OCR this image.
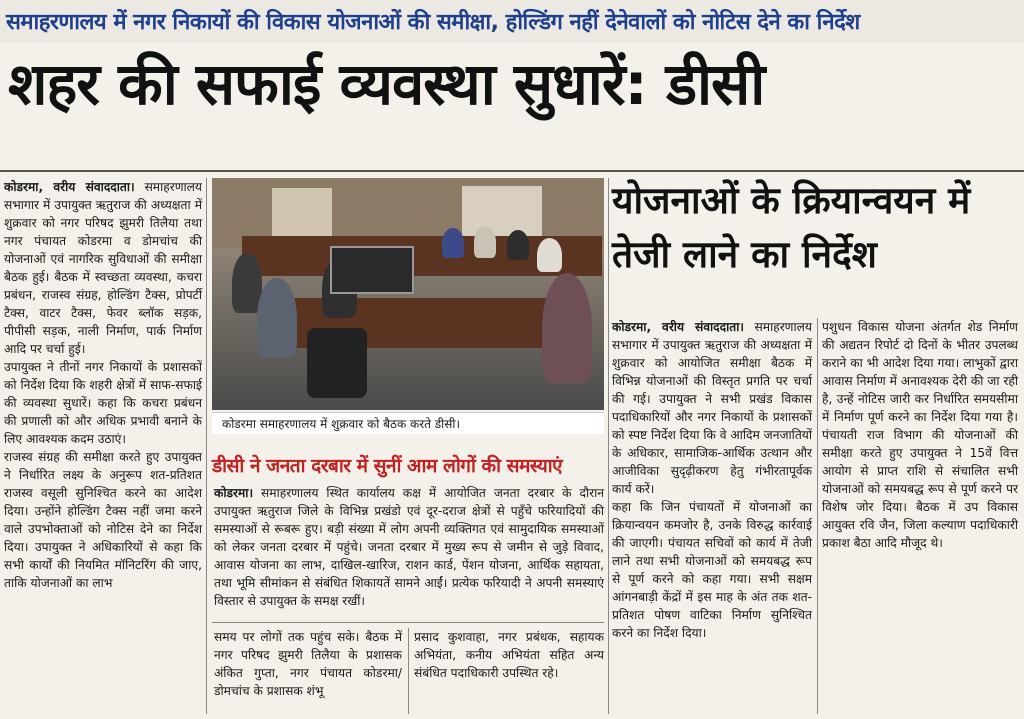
समाहरणालय में नगर निकायों की विकास योजनाओं की समीक्षा, होल्डिंग नहीं देनेवालों को नोटिस देने का निर्देश
शहर की सफाई व्यवस्था सुधारें: डीसी

कोडरमा, वरीय संवाददाता। समाहरणालय सभागार में उपायुक्त ऋतुराज की अध्यक्षता में शुक्रवार को नगर परिषद झुमरी तिलैया तथा नगर पंचायत कोडरमा व डोमचांच की योजनाओं एवं नागरिक सुविधाओं की समीक्षा बैठक हुई। बैठक में स्वच्छता व्यवस्था, कचरा प्रबंधन, राजस्व संग्रह, होल्डिंग टैक्स, प्रोपर्टी टैक्स, वाटर टैक्स, फेवर ब्लॉक सड़क, पीपीसी सड़क, नाली निर्माण, पार्क निर्माण आदि पर चर्चा हुई।

उपायुक्त ने तीनों नगर निकायों के प्रशासकों को निर्देश दिया कि शहरी क्षेत्रों में साफ-सफाई की व्यवस्था सुधारें। कहा कि कचरा प्रबंधन की प्रणाली को और अधिक प्रभावी बनाने के लिए आवश्यक कदम उठाएं।

राजस्व संग्रह की समीक्षा करते हुए उपायुक्त ने निर्धारित लक्ष्य के अनुरूप शत-प्रतिशत राजस्व वसूली सुनिश्चित करने का आदेश दिया। उन्होंने होल्डिंग टैक्स नहीं जमा करने वाले उपभोक्ताओं को नोटिस देने का निर्देश दिया। उपायुक्त ने अधिकारियों से कहा कि सभी कार्यों की नियमित मॉनिटरिंग की जाए, ताकि योजनाओं का लाभ

कोडरमा समाहरणालय में शुक्रवार को बैठक करते डीसी।
डीसी ने जनता दरबार में सुनीं आम लोगों की समस्याएं

कोडरमा। समाहरणालय स्थित कार्यालय कक्ष में आयोजित जनता दरबार के दौरान उपायुक्त ऋतुराज जिले के विभिन्न प्रखंडो एवं दूर-दराज क्षेत्रों से पहुँचे फरियादियों की समस्याओं से रूबरू हुए। बड़ी संख्या में लोग अपनी व्यक्तिगत एवं सामुदायिक समस्याओं को लेकर जनता दरबार में पहुंचे। जनता दरबार में मुख्य रूप से जमीन से जुड़े विवाद, आवास योजना का लाभ, दाखिल-खारिज, राशन कार्ड, पेंशन योजना, आर्थिक सहायता, तथा भूमि सीमांकन से संबंधित शिकायतें सामने आईं। प्रत्येक फरियादी ने अपनी समस्याएं विस्तार से उपायुक्त के समक्ष रखीं।

समय पर लोगों तक पहुंच सके। बैठक में नगर परिषद झुमरी तिलैया के प्रशासक अंकित गुप्ता, नगर पंचायत कोडरमा/डोमचांच के प्रशासक शंभू
प्रसाद कुशवाहा, नगर प्रबंधक, सहायक अभियंता, कनीय अभियंता सहित अन्य संबंधित पदाधिकारी उपस्थित रहे।
योजनाओं के क्रियान्वयन में तेजी लाने का निर्देश

कोडरमा, वरीय संवाददाता। समाहरणालय सभागार में उपायुक्त ऋतुराज की अध्यक्षता में शुक्रवार को आयोजित समीक्षा बैठक में विभिन्न योजनाओं की विस्तृत प्रगति पर चर्चा की गई। उपायुक्त ने सभी प्रखंड विकास पदाधिकारियों और नगर निकायों के प्रशासकों को स्पष्ट निर्देश दिया कि वे आदिम जनजातियों के अधिकार, सामाजिक-आर्थिक उत्थान और आजीविका सुदृढ़ीकरण हेतु गंभीरतापूर्वक कार्य करें।

कहा कि जिन पंचायतों में योजनाओं का क्रियान्वयन कमजोर है, उनके विरुद्ध कार्रवाई की जाएगी। पंचायत सचिवों को कार्य में तेजी लाने तथा सभी योजनाओं को समयबद्ध रूप से पूर्ण करने को कहा गया। सभी सक्षम आंगनबाड़ी केंद्रों में इस माह के अंत तक शत-प्रतिशत पोषण वाटिका निर्माण सुनिश्चित करने का निर्देश दिया।

पशुधन विकास योजना अंतर्गत शेड निर्माण की अद्यतन रिपोर्ट दो दिनों के भीतर उपलब्ध कराने का भी आदेश दिया गया। लाभुकों द्वारा आवास निर्माण में अनावश्यक देरी की जा रही है, उन्हें नोटिस जारी कर निर्धारित समयसीमा में निर्माण पूर्ण करने का निर्देश दिया गया है। पंचायती राज विभाग की योजनाओं की समीक्षा करते हुए उपायुक्त ने 15वें वित्त आयोग से प्राप्त राशि से संचालित सभी योजनाओं को समयबद्ध रूप से पूर्ण करने पर विशेष जोर दिया। बैठक में उप विकास आयुक्त रवि जैन, जिला कल्याण पदाधिकारी प्रकाश बैठा आदि मौजूद थे।
